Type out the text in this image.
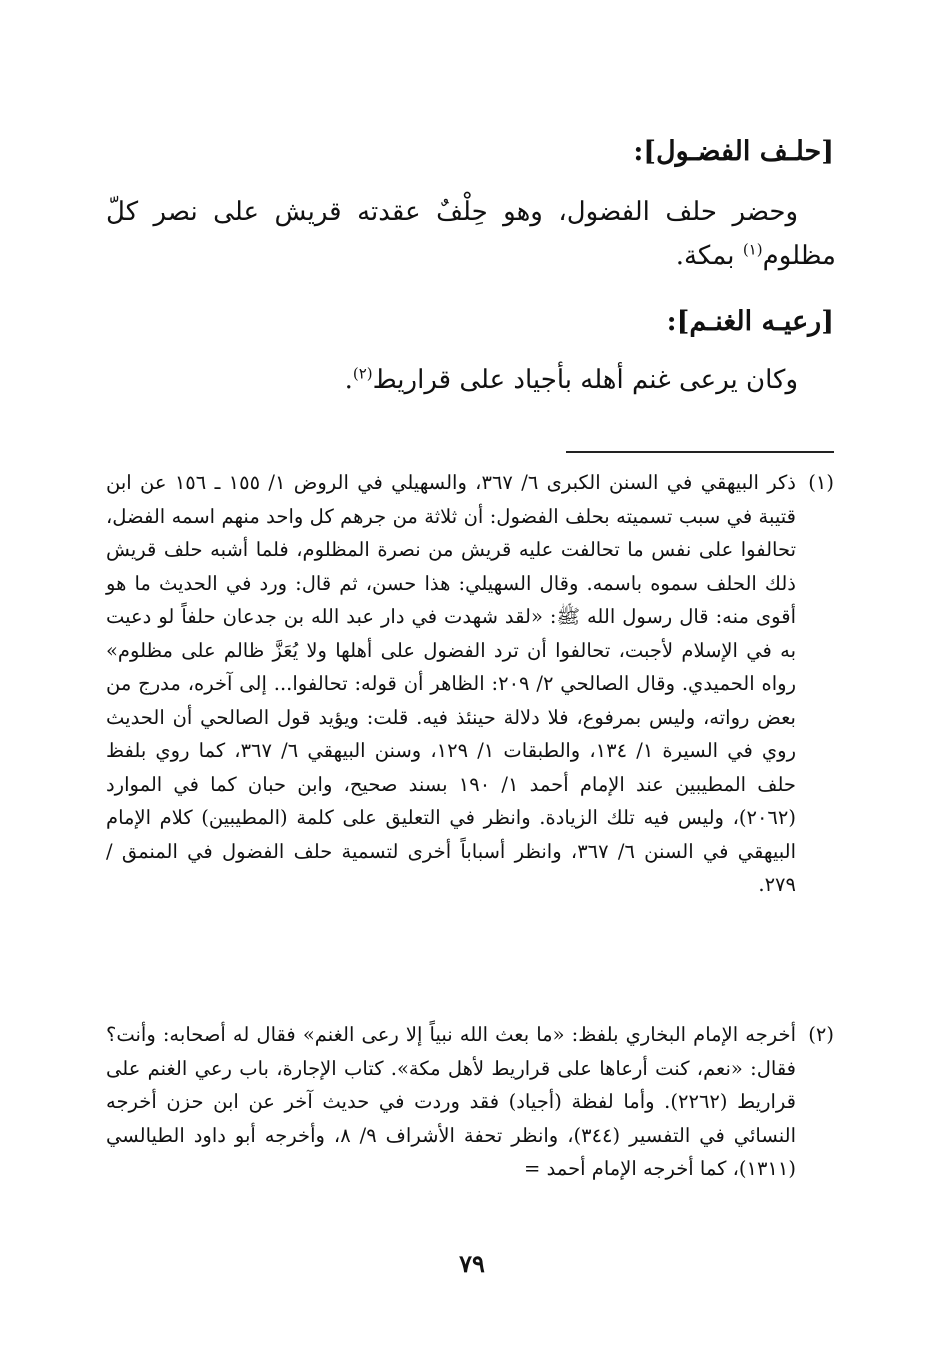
[حلـف الفضـول]:
وحضر حلف الفضول، وهو حِلْفٌ عقدته قريش على نصر كلّ مظلوم$^{(١)}$ بمكة.
[رعيـه الغنـم]:
وكان يرعى غنم أهله بأجياد على قراريط$^{(٢)}$.
(١)
ذكر البيهقي في السنن الكبرى ٦/ ٣٦٧، والسهيلي في الروض ١/ ١٥٥ ـ ١٥٦ عن ابن قتيبة في سبب تسميته بحلف الفضول: أن ثلاثة من جرهم كل واحد منهم اسمه الفضل، تحالفوا على نفس ما تحالفت عليه قريش من نصرة المظلوم، فلما أشبه حلف قريش ذلك الحلف سموه باسمه. وقال السهيلي: هذا حسن، ثم قال: ورد في الحديث ما هو أقوى منه: قال رسول الله ﷺ: «لقد شهدت في دار عبد الله بن جدعان حلفاً لو دعيت به في الإسلام لأجبت، تحالفوا أن ترد الفضول على أهلها ولا يُعَزَّ ظالم على مظلوم» رواه الحميدي. وقال الصالحي ٢/ ٢٠٩: الظاهر أن قوله: تحالفوا... إلى آخره، مدرج من بعض رواته، وليس بمرفوع، فلا دلالة حينئذ فيه. قلت: ويؤيد قول الصالحي أن الحديث روي في السيرة ١/ ١٣٤، والطبقات ١/ ١٢٩، وسنن البيهقي ٦/ ٣٦٧، كما روي بلفظ حلف المطيبين عند الإمام أحمد ١/ ١٩٠ بسند صحيح، وابن حبان كما في الموارد (٢٠٦٢)، وليس فيه تلك الزيادة. وانظر في التعليق على كلمة (المطيبين) كلام الإمام البيهقي في السنن ٦/ ٣٦٧، وانظر أسباباً أخرى لتسمية حلف الفضول في المنمق / ٢٧٩.
(٢)
أخرجه الإمام البخاري بلفظ: «ما بعث الله نبياً إلا رعى الغنم» فقال له أصحابه: وأنت؟ فقال: «نعم، كنت أرعاها على قراريط لأهل مكة». كتاب الإجارة، باب رعي الغنم على قراريط (٢٢٦٢). وأما لفظة (أجياد) فقد وردت في حديث آخر عن ابن حزن أخرجه النسائي في التفسير (٣٤٤)، وانظر تحفة الأشراف ٩/ ٨، وأخرجه أبو داود الطيالسي (١٣١١)، كما أخرجه الإمام أحمد =
٧٩
